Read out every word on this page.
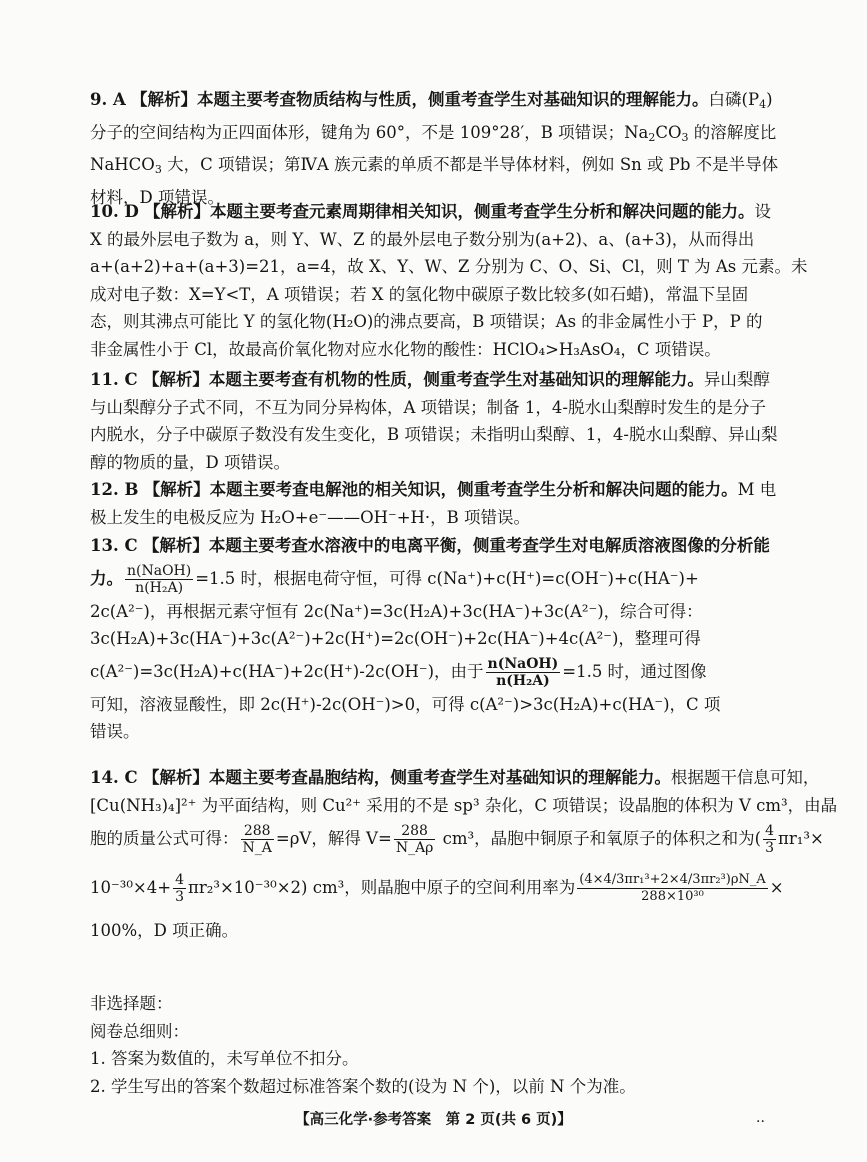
9. A 【解析】本题主要考查物质结构与性质，侧重考查学生对基础知识的理解能力。白磷$(P_4)$
分子的空间结构为正四面体形，键角为 60°，不是 109°28′，B 项错误；$Na_2CO_3$ 的溶解度比
NaHCO$_3$ 大，C 项错误；第ⅣA 族元素的单质不都是半导体材料，例如 Sn 或 Pb 不是半导体
材料，D 项错误。
10. D 【解析】本题主要考查元素周期律相关知识，侧重考查学生分析和解决问题的能力。设
X 的最外层电子数为 a，则 Y、W、Z 的最外层电子数分别为(a+2)、a、(a+3)，从而得出
a+(a+2)+a+(a+3)=21，a=4，故 X、Y、W、Z 分别为 C、O、Si、Cl，则 T 为 As 元素。未
成对电子数：X=Y<T，A 项错误；若 X 的氢化物中碳原子数比较多(如石蜡)，常温下呈固
态，则其沸点可能比 Y 的氢化物(H₂O)的沸点要高，B 项错误；As 的非金属性小于 P，P 的
非金属性小于 Cl，故最高价氧化物对应水化物的酸性：HClO₄>H₃AsO₄，C 项错误。
11. C 【解析】本题主要考查有机物的性质，侧重考查学生对基础知识的理解能力。异山梨醇
与山梨醇分子式不同，不互为同分异构体，A 项错误；制备 1，4-脱水山梨醇时发生的是分子
内脱水，分子中碳原子数没有发生变化，B 项错误；未指明山梨醇、1，4-脱水山梨醇、异山梨
醇的物质的量，D 项错误。
12. B 【解析】本题主要考查电解池的相关知识，侧重考查学生分析和解决问题的能力。M 电
极上发生的电极反应为 H₂O+e⁻——OH⁻+H·，B 项错误。
13. C 【解析】本题主要考查水溶液中的电离平衡，侧重考查学生对电解质溶液图像的分析能
力。 $\frac{\text{n(NaOH)}}{\text{n(H₂A)}} =1.5$ 时，根据电荷守恒，可得 c(Na⁺)+c(H⁺)=c(OH⁻)+c(HA⁻)+
2c(A²⁻)，再根据元素守恒有 2c(Na⁺)=3c(H₂A)+3c(HA⁻)+3c(A²⁻)，综合可得：
3c(H₂A)+3c(HA⁻)+3c(A²⁻)+2c(H⁺)=2c(OH⁻)+2c(HA⁻)+4c(A²⁻)，整理可得
c(A²⁻)=3c(H₂A)+c(HA⁻)+2c(H⁺)-2c(OH⁻)，由于 $\frac{\text{n(NaOH)}}{\text{n(H₂A)}} =1.5$ 时，通过图像
可知，溶液显酸性，即 2c(H⁺)-2c(OH⁻)>0，可得 c(A²⁻)>3c(H₂A)+c(HA⁻)，C 项
错误。
14. C 【解析】本题主要考查晶胞结构，侧重考查学生对基础知识的理解能力。根据题干信息可知，
[Cu(NH₃)₄]²⁺ 为平面结构，则 Cu²⁺ 采用的不是 sp³ 杂化，C 项错误；设晶胞的体积为 V cm³，由晶
胞的质量公式可得： $\frac{288}{N\_A} =\rho V$，解得 $V= \frac{288}{N\_A\rho} cm^3$，晶胞中铜原子和氧原子的体积之和为( $\frac{4}{3} \pi r_1^3\times$
$10^{-30}\times 4+ \frac{4}{3} \pi r_2^3\times 10^{-30}\times 2$) cm³，则晶胞中原子的空间利用率为 $\frac{\text{(4×4/3πr₁³+2×4/3πr₂³)ρN\_A}}{\text{288×10³⁰}}$ ×
100%，D 项正确。
非选择题：
阅卷总细则：
1. 答案为数值的，未写单位不扣分。
2. 学生写出的答案个数超过标准答案个数的(设为 N 个)，以前 N 个为准。
【高三化学·参考答案　第 2 页(共 6 页)】	..
